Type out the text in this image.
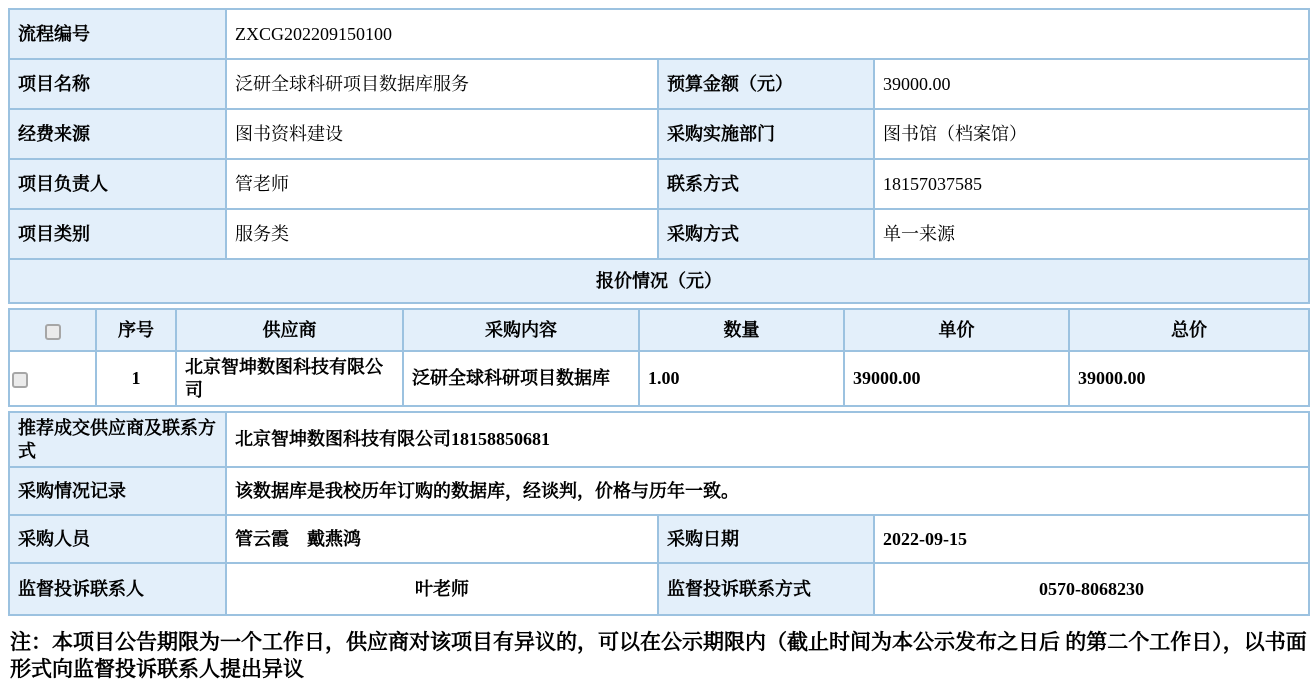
流程编号	ZXCG202209150100		
项目名称	泛研全球科研项目数据库服务	预算金额（元）	39000.00
经费来源	图书资料建设	采购实施部门	图书馆（档案馆）
项目负责人	管老师	联系方式	18157037585
项目类别	服务类	采购方式	单一来源
报价情况（元）			
	序号	供应商	采购内容	数量	单价	总价
	1	北京智坤数图科技有限公司	泛研全球科研项目数据库	1.00	39000.00	39000.00
推荐成交供应商及联系方式	北京智坤数图科技有限公司18158850681		
采购情况记录	该数据库是我校历年订购的数据库，经谈判，价格与历年一致。		
采购人员	管云霞　戴燕鸿	采购日期	2022-09-15
监督投诉联系人	叶老师	监督投诉联系方式	0570-8068230

注：本项目公告期限为一个工作日，供应商对该项目有异议的，可以在公示期限内（截止时间为本公示发布之日后 的第二个工作日），以书面形式向监督投诉联系人提出异议
